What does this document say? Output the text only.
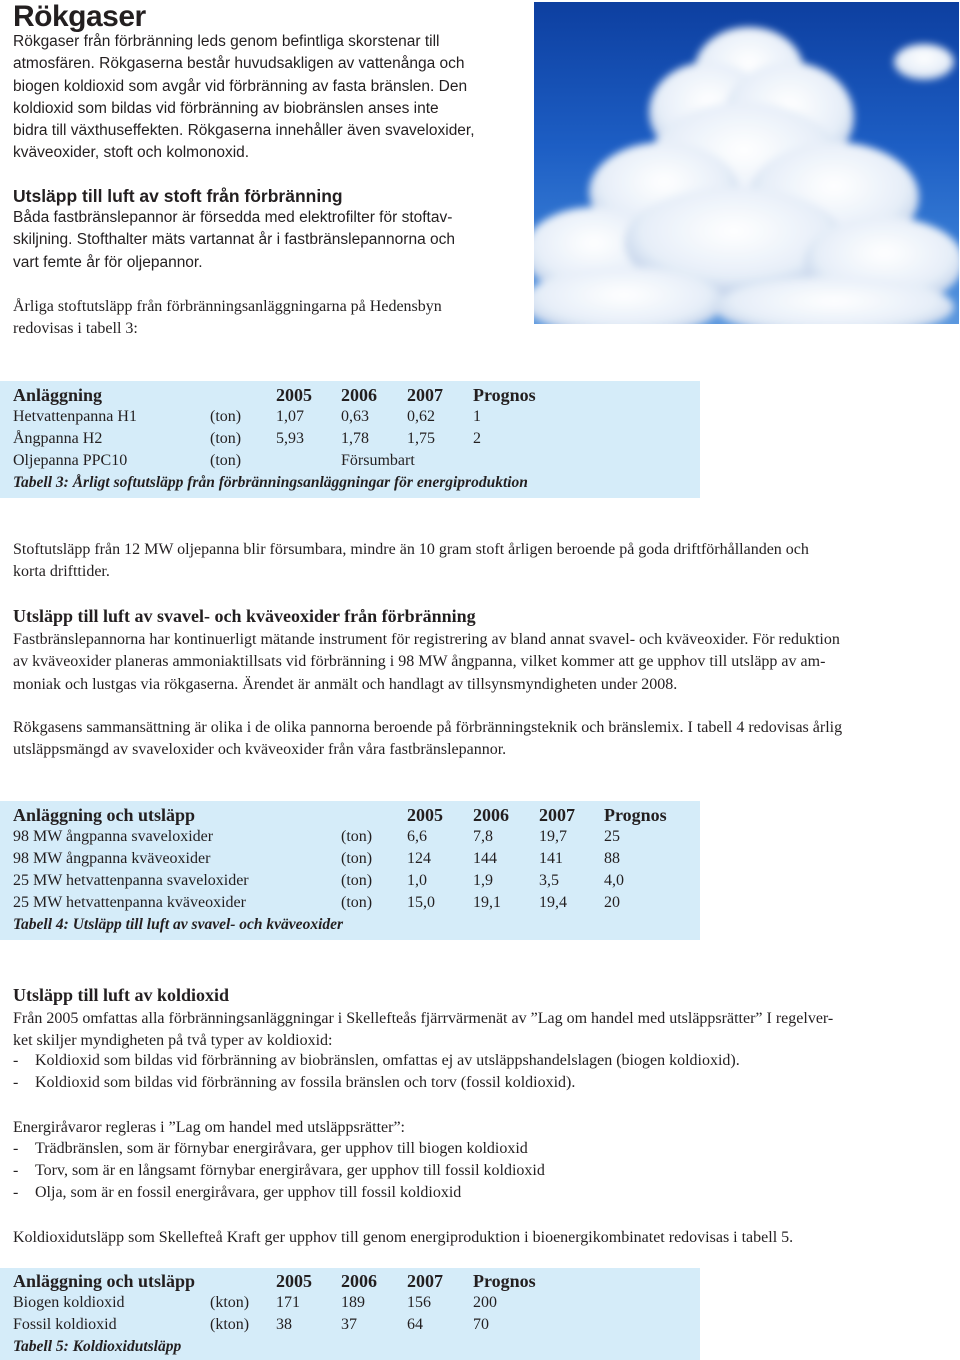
Rökgaser
Rökgaser från förbränning leds genom befintliga skorstenar till
atmosfären. Rökgaserna består huvudsakligen av vattenånga och
biogen koldioxid som avgår vid förbränning av fasta bränslen. Den
koldioxid som bildas vid förbränning av biobränslen anses inte
bidra till växthuseffekten. Rökgaserna innehåller även svaveloxider,
kväveoxider, stoft och kolmonoxid.
Utsläpp till luft av stoft från förbränning
Båda fastbränslepannor är försedda med elektrofilter för stoftav-
skiljning. Stofthalter mäts vartannat år i fastbränslepannorna och
vart femte år för oljepannor.
Årliga stoftutsläpp från förbränningsanläggningarna på Hedensbyn
redovisas i tabell 3:
Anläggning	2005 2006 2007 Prognos
Hetvattenpanna H1	(ton) 1,07 0,63 0,62 1
Ångpanna H2	(ton) 5,93 1,78 1,75 2
Oljepanna PPC10	(ton)	Försumbart
Tabell 3: Årligt softutsläpp från förbränningsanläggningar för energiproduktion
Stoftutsläpp från 12 MW oljepanna blir försumbara, mindre än 10 gram stoft årligen beroende på goda driftförhållanden och
korta drifttider.
Utsläpp till luft av svavel- och kväveoxider från förbränning
Fastbränslepannorna har kontinuerligt mätande instrument för registrering av bland annat svavel- och kväveoxider. För reduktion
av kväveoxider planeras ammoniaktillsats vid förbränning i 98 MW ångpanna, vilket kommer att ge upphov till utsläpp av am-
moniak och lustgas via rökgaserna. Ärendet är anmält och handlagt av tillsynsmyndigheten under 2008.
Rökgasens sammansättning är olika i de olika pannorna beroende på förbränningsteknik och bränslemix. I tabell 4 redovisas årlig
utsläppsmängd av svaveloxider och kväveoxider från våra fastbränslepannor.
Anläggning och utsläpp	2005 2006 2007 Prognos
98 MW ångpanna svaveloxider	(ton) 6,6	7,8	19,7 25
98 MW ångpanna kväveoxider	(ton) 124	144	141	88
25 MW hetvattenpanna svaveloxider	(ton) 1,0	1,9	3,5	4,0
25 MW hetvattenpanna kväveoxider	(ton) 15,0 19,1 19,4 20
Tabell 4: Utsläpp till luft av svavel- och kväveoxider
Utsläpp till luft av koldioxid
Från 2005 omfattas alla förbränningsanläggningar i Skellefteås fjärrvärmenät av ”Lag om handel med utsläppsrätter” I regelver-
ket skiljer myndigheten på två typer av koldioxid:
- Koldioxid som bildas vid förbränning av biobränslen, omfattas ej av utsläppshandelslagen (biogen koldioxid).
- Koldioxid som bildas vid förbränning av fossila bränslen och torv (fossil koldioxid).
Energiråvaror regleras i ”Lag om handel med utsläppsrätter”:
- Trädbränslen, som är förnybar energiråvara, ger upphov till biogen koldioxid
- Torv, som är en långsamt förnybar energiråvara, ger upphov till fossil koldioxid
- Olja, som är en fossil energiråvara, ger upphov till fossil koldioxid
Koldioxidutsläpp som Skellefteå Kraft ger upphov till genom energiproduktion i bioenergikombinatet redovisas i tabell 5.
Anläggning och utsläpp	2005 2006 2007 Prognos
Biogen koldioxid	(kton) 171	189	156	200
Fossil koldioxid	(kton) 38	37	64	70
Tabell 5: Koldioxidutsläpp
